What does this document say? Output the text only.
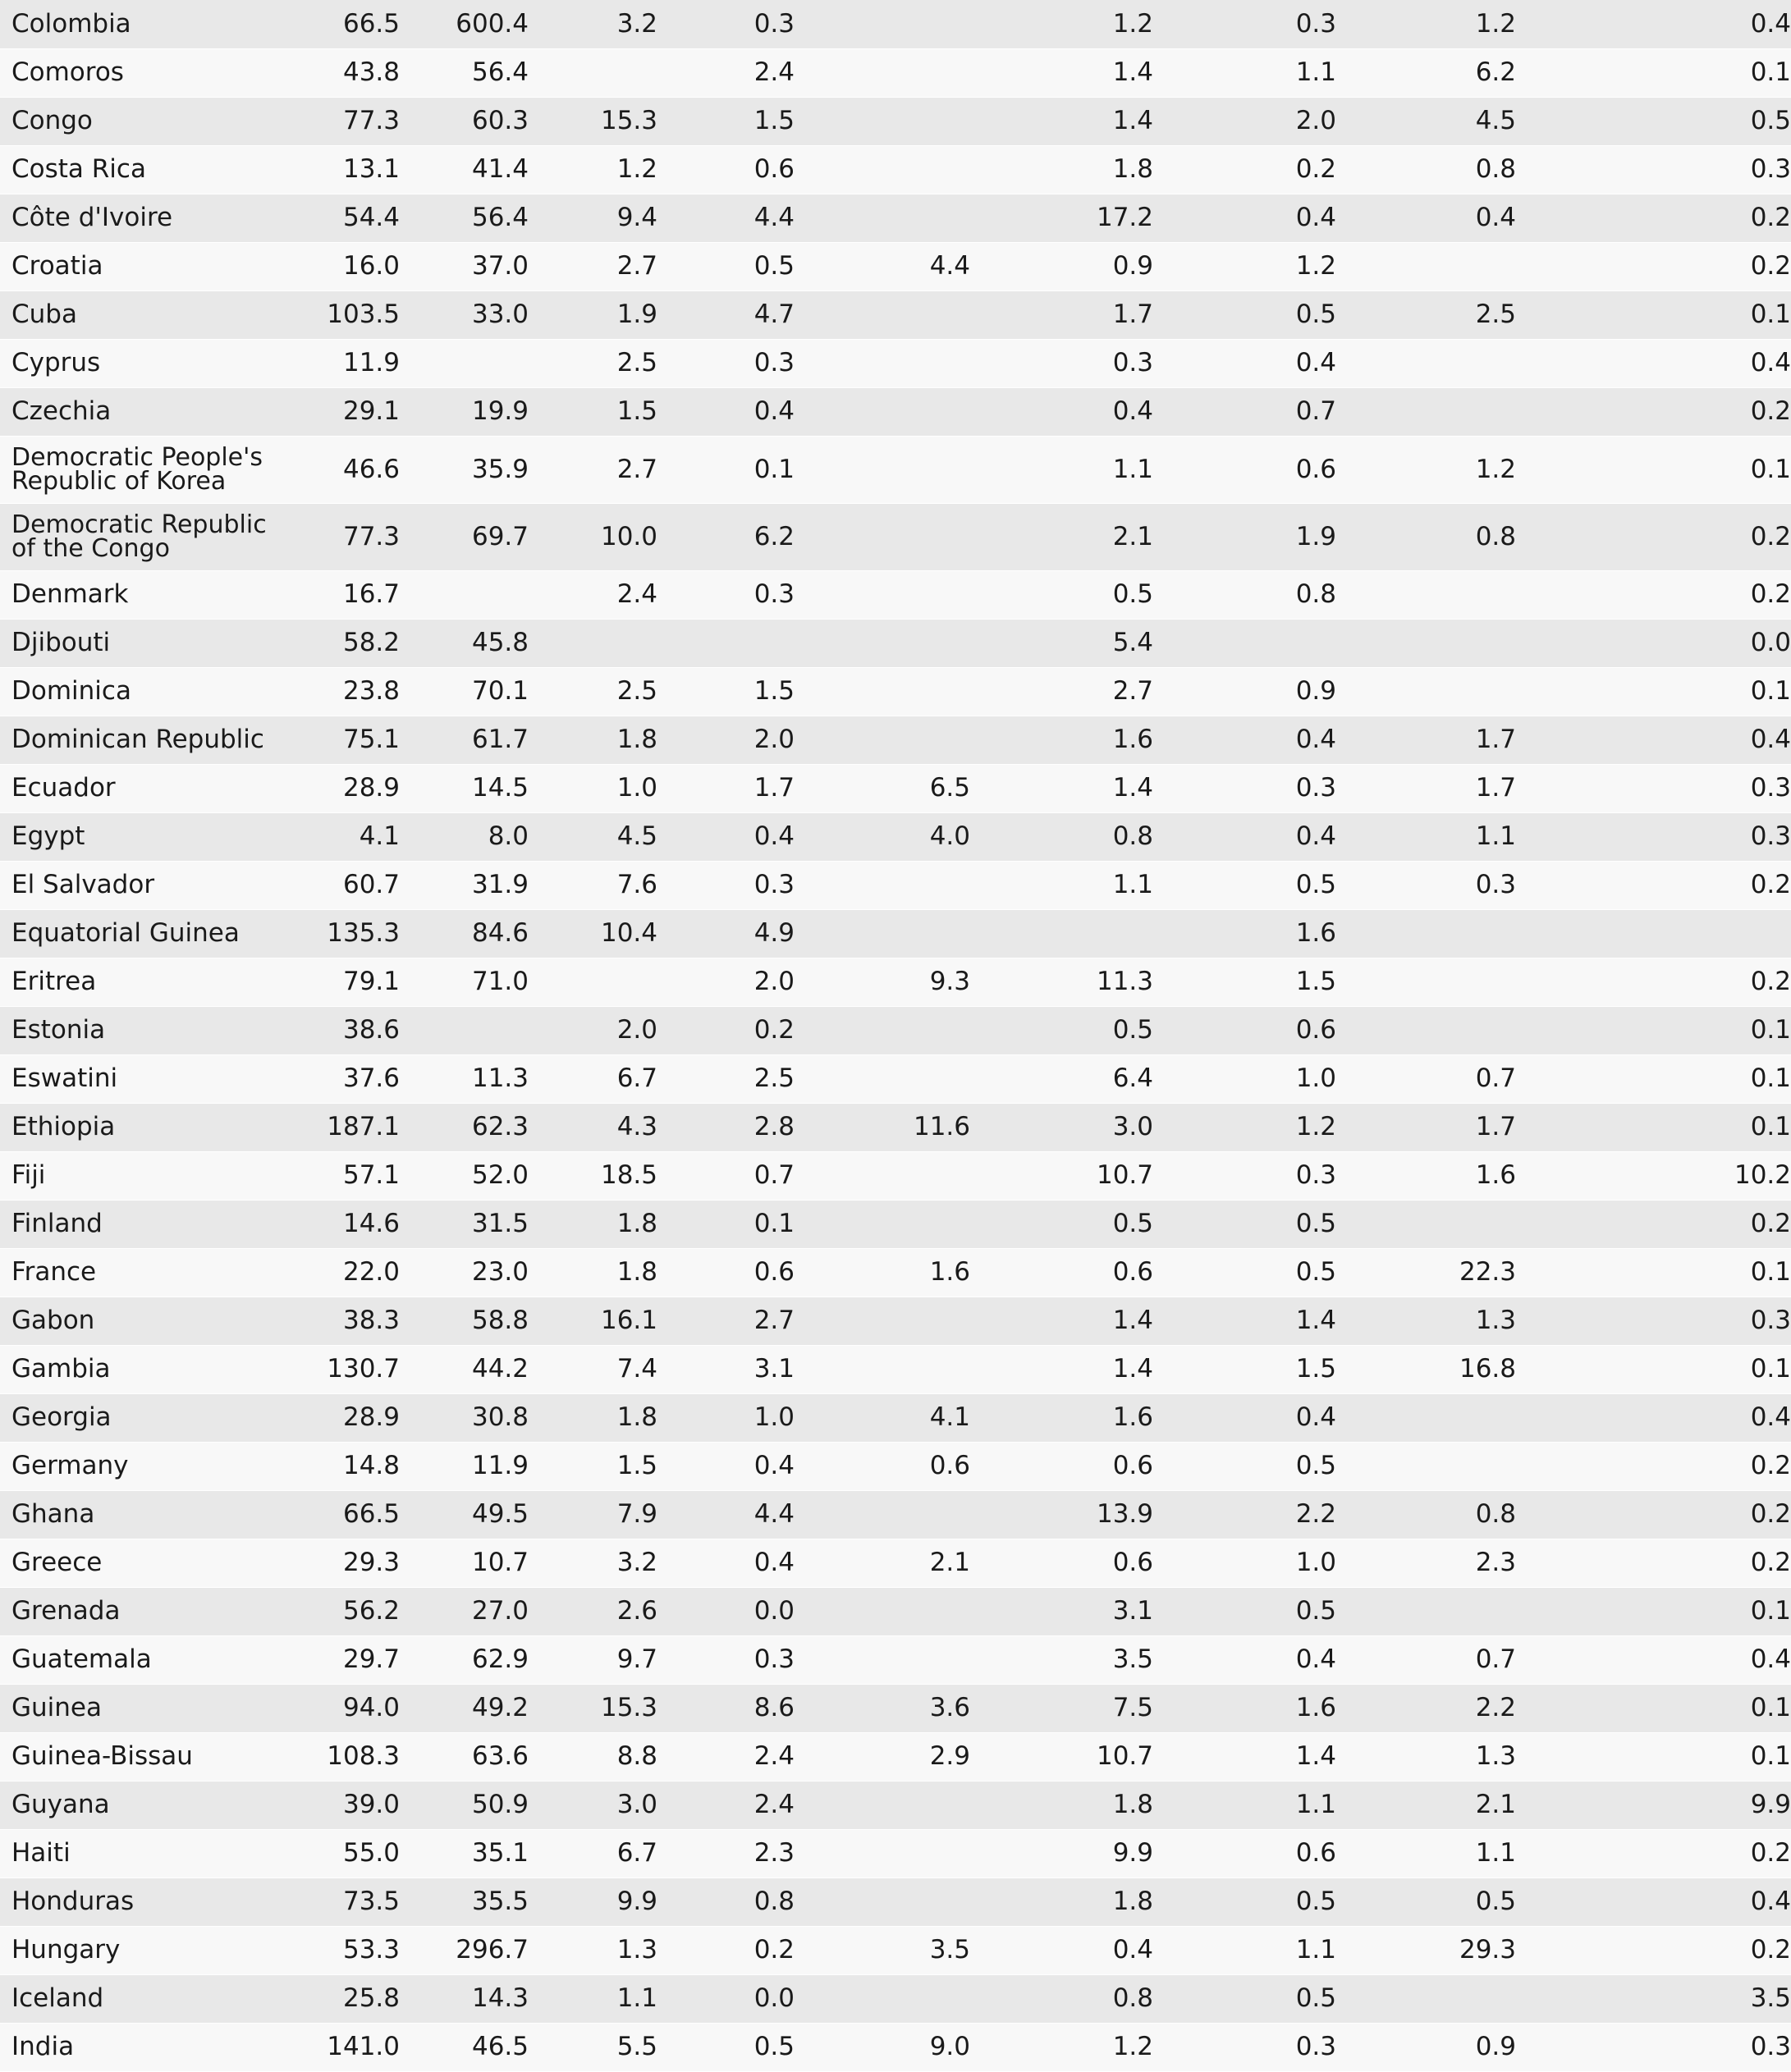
Colombia	66.5	600.4	3.2	0.3		1.2	0.3	1.2	0.4
Comoros	43.8	56.4		2.4		1.4	1.1	6.2	0.1
Congo	77.3	60.3	15.3	1.5		1.4	2.0	4.5	0.5
Costa Rica	13.1	41.4	1.2	0.6		1.8	0.2	0.8	0.3
Côte d'Ivoire	54.4	56.4	9.4	4.4		17.2	0.4	0.4	0.2
Croatia	16.0	37.0	2.7	0.5	4.4	0.9	1.2		0.2
Cuba	103.5	33.0	1.9	4.7		1.7	0.5	2.5	0.1
Cyprus	11.9		2.5	0.3		0.3	0.4		0.4
Czechia	29.1	19.9	1.5	0.4		0.4	0.7		0.2
Democratic People's Republic of Korea	46.6	35.9	2.7	0.1		1.1	0.6	1.2	0.1
Democratic Republic of the Congo	77.3	69.7	10.0	6.2		2.1	1.9	0.8	0.2
Denmark	16.7		2.4	0.3		0.5	0.8		0.2
Djibouti	58.2	45.8				5.4			0.0
Dominica	23.8	70.1	2.5	1.5		2.7	0.9		0.1
Dominican Republic	75.1	61.7	1.8	2.0		1.6	0.4	1.7	0.4
Ecuador	28.9	14.5	1.0	1.7	6.5	1.4	0.3	1.7	0.3
Egypt	4.1	8.0	4.5	0.4	4.0	0.8	0.4	1.1	0.3
El Salvador	60.7	31.9	7.6	0.3		1.1	0.5	0.3	0.2
Equatorial Guinea	135.3	84.6	10.4	4.9			1.6		
Eritrea	79.1	71.0		2.0	9.3	11.3	1.5		0.2
Estonia	38.6		2.0	0.2		0.5	0.6		0.1
Eswatini	37.6	11.3	6.7	2.5		6.4	1.0	0.7	0.1
Ethiopia	187.1	62.3	4.3	2.8	11.6	3.0	1.2	1.7	0.1
Fiji	57.1	52.0	18.5	0.7		10.7	0.3	1.6	10.2
Finland	14.6	31.5	1.8	0.1		0.5	0.5		0.2
France	22.0	23.0	1.8	0.6	1.6	0.6	0.5	22.3	0.1
Gabon	38.3	58.8	16.1	2.7		1.4	1.4	1.3	0.3
Gambia	130.7	44.2	7.4	3.1		1.4	1.5	16.8	0.1
Georgia	28.9	30.8	1.8	1.0	4.1	1.6	0.4		0.4
Germany	14.8	11.9	1.5	0.4	0.6	0.6	0.5		0.2
Ghana	66.5	49.5	7.9	4.4		13.9	2.2	0.8	0.2
Greece	29.3	10.7	3.2	0.4	2.1	0.6	1.0	2.3	0.2
Grenada	56.2	27.0	2.6	0.0		3.1	0.5		0.1
Guatemala	29.7	62.9	9.7	0.3		3.5	0.4	0.7	0.4
Guinea	94.0	49.2	15.3	8.6	3.6	7.5	1.6	2.2	0.1
Guinea-Bissau	108.3	63.6	8.8	2.4	2.9	10.7	1.4	1.3	0.1
Guyana	39.0	50.9	3.0	2.4		1.8	1.1	2.1	9.9
Haiti	55.0	35.1	6.7	2.3		9.9	0.6	1.1	0.2
Honduras	73.5	35.5	9.9	0.8		1.8	0.5	0.5	0.4
Hungary	53.3	296.7	1.3	0.2	3.5	0.4	1.1	29.3	0.2
Iceland	25.8	14.3	1.1	0.0		0.8	0.5		3.5
India	141.0	46.5	5.5	0.5	9.0	1.2	0.3	0.9	0.3
